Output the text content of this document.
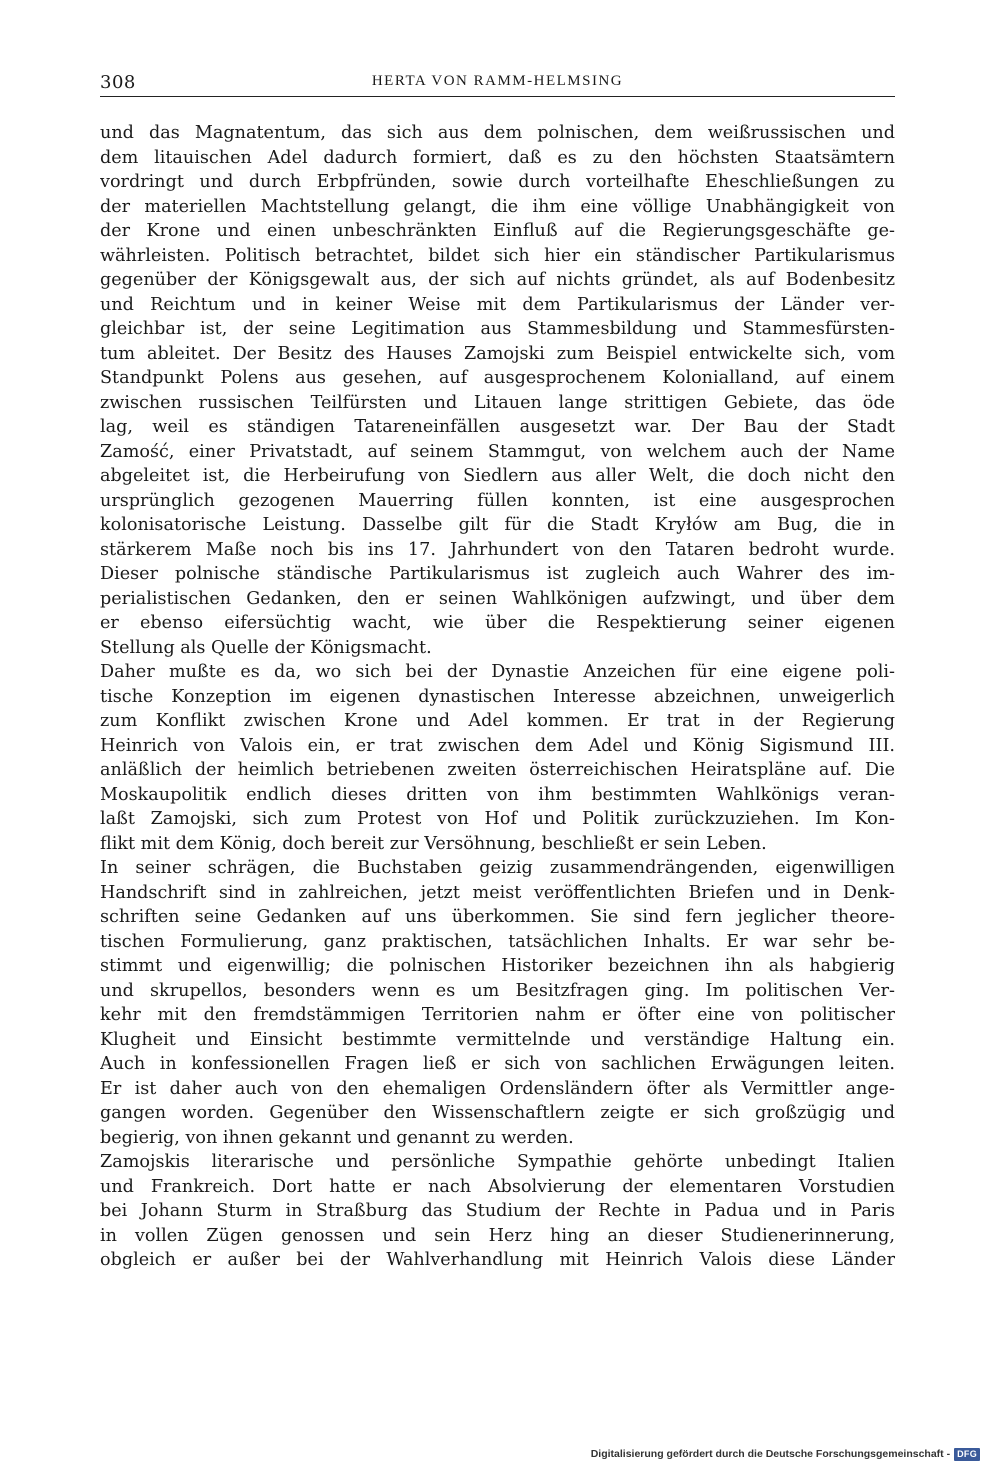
308	HERTA VON RAMM-HELMSING
und das Magnatentum, das sich aus dem polnischen, dem weißrussischen und
dem litauischen Adel dadurch formiert, daß es zu den höchsten Staatsämtern
vordringt und durch Erbpfründen, sowie durch vorteilhafte Eheschließungen zu
der materiellen Machtstellung gelangt, die ihm eine völlige Unabhängigkeit von
der Krone und einen unbeschränkten Einfluß auf die Regierungsgeschäfte ge-
währleisten. Politisch betrachtet, bildet sich hier ein ständischer Partikularismus
gegenüber der Königsgewalt aus, der sich auf nichts gründet, als auf Bodenbesitz
und Reichtum und in keiner Weise mit dem Partikularismus der Länder ver-
gleichbar ist, der seine Legitimation aus Stammesbildung und Stammesfürsten-
tum ableitet. Der Besitz des Hauses Zamojski zum Beispiel entwickelte sich, vom
Standpunkt Polens aus gesehen, auf ausgesprochenem Kolonialland, auf einem
zwischen russischen Teilfürsten und Litauen lange strittigen Gebiete, das öde
lag, weil es ständigen Tatareneinfällen ausgesetzt war. Der Bau der Stadt
Zamość, einer Privatstadt, auf seinem Stammgut, von welchem auch der Name
abgeleitet ist, die Herbeirufung von Siedlern aus aller Welt, die doch nicht den
ursprünglich gezogenen Mauerring füllen konnten, ist eine ausgesprochen
kolonisatorische Leistung. Dasselbe gilt für die Stadt Kryłów am Bug, die in
stärkerem Maße noch bis ins 17. Jahrhundert von den Tataren bedroht wurde.
Dieser polnische ständische Partikularismus ist zugleich auch Wahrer des im-
perialistischen Gedanken, den er seinen Wahlkönigen aufzwingt, und über dem
er ebenso eifersüchtig wacht, wie über die Respektierung seiner eigenen
Stellung als Quelle der Königsmacht.
Daher mußte es da, wo sich bei der Dynastie Anzeichen für eine eigene poli-
tische Konzeption im eigenen dynastischen Interesse abzeichnen, unweigerlich
zum Konflikt zwischen Krone und Adel kommen. Er trat in der Regierung
Heinrich von Valois ein, er trat zwischen dem Adel und König Sigismund III.
anläßlich der heimlich betriebenen zweiten österreichischen Heiratspläne auf. Die
Moskaupolitik endlich dieses dritten von ihm bestimmten Wahlkönigs veran-
laßt Zamojski, sich zum Protest von Hof und Politik zurückzuziehen. Im Kon-
flikt mit dem König, doch bereit zur Versöhnung, beschließt er sein Leben.
In seiner schrägen, die Buchstaben geizig zusammendrängenden, eigenwilligen
Handschrift sind in zahlreichen, jetzt meist veröffentlichten Briefen und in Denk-
schriften seine Gedanken auf uns überkommen. Sie sind fern jeglicher theore-
tischen Formulierung, ganz praktischen, tatsächlichen Inhalts. Er war sehr be-
stimmt und eigenwillig; die polnischen Historiker bezeichnen ihn als habgierig
und skrupellos, besonders wenn es um Besitzfragen ging. Im politischen Ver-
kehr mit den fremdstämmigen Territorien nahm er öfter eine von politischer
Klugheit und Einsicht bestimmte vermittelnde und verständige Haltung ein.
Auch in konfessionellen Fragen ließ er sich von sachlichen Erwägungen leiten.
Er ist daher auch von den ehemaligen Ordensländern öfter als Vermittler ange-
gangen worden. Gegenüber den Wissenschaftlern zeigte er sich großzügig und
begierig, von ihnen gekannt und genannt zu werden.
Zamojskis literarische und persönliche Sympathie gehörte unbedingt Italien
und Frankreich. Dort hatte er nach Absolvierung der elementaren Vorstudien
bei Johann Sturm in Straßburg das Studium der Rechte in Padua und in Paris
in vollen Zügen genossen und sein Herz hing an dieser Studienerinnerung,
obgleich er außer bei der Wahlverhandlung mit Heinrich Valois diese Länder
Digitalisierung gefördert durch die Deutsche Forschungsgemeinschaft - DFG
